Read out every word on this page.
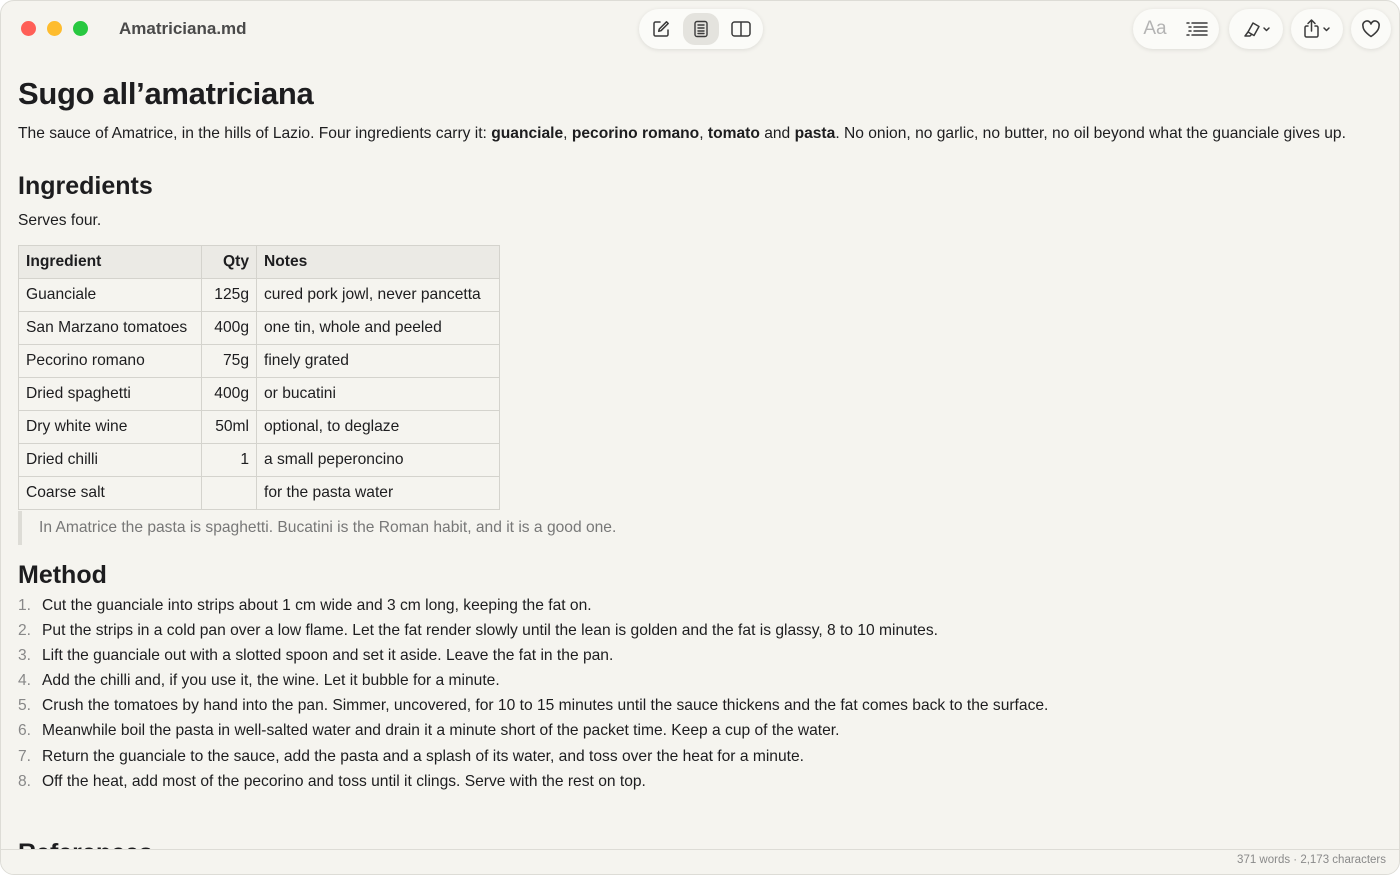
Amatriciana.md	Aa
Sugo all’amatriciana

The sauce of Amatrice, in the hills of Lazio. Four ingredients carry it: guanciale, pecorino romano, tomato and pasta. No onion, no garlic, no butter, no oil beyond what the guanciale gives up.

Ingredients

Serves four.

Ingredient	Qty	Notes
Guanciale	125g	cured pork jowl, never pancetta
San Marzano tomatoes	400g	one tin, whole and peeled
Pecorino romano	75g	finely grated
Dried spaghetti	400g	or bucatini
Dry white wine	50ml	optional, to deglaze
Dried chilli	1	a small peperoncino
Coarse salt		for the pasta water
In Amatrice the pasta is spaghetti. Bucatini is the Roman habit, and it is a good one.
Method
1. Cut the guanciale into strips about 1 cm wide and 3 cm long, keeping the fat on.
2. Put the strips in a cold pan over a low flame. Let the fat render slowly until the lean is golden and the fat is glassy, 8 to 10 minutes.
3. Lift the guanciale out with a slotted spoon and set it aside. Leave the fat in the pan.
4. Add the chilli and, if you use it, the wine. Let it bubble for a minute.
5. Crush the tomatoes by hand into the pan. Simmer, uncovered, for 10 to 15 minutes until the sauce thickens and the fat comes back to the surface.
6. Meanwhile boil the pasta in well-salted water and drain it a minute short of the packet time. Keep a cup of the water.
7. Return the guanciale to the sauce, add the pasta and a splash of its water, and toss over the heat for a minute.
8. Off the heat, add most of the pecorino and toss until it clings. Serve with the rest on top.
371 words · 2,173 characters
